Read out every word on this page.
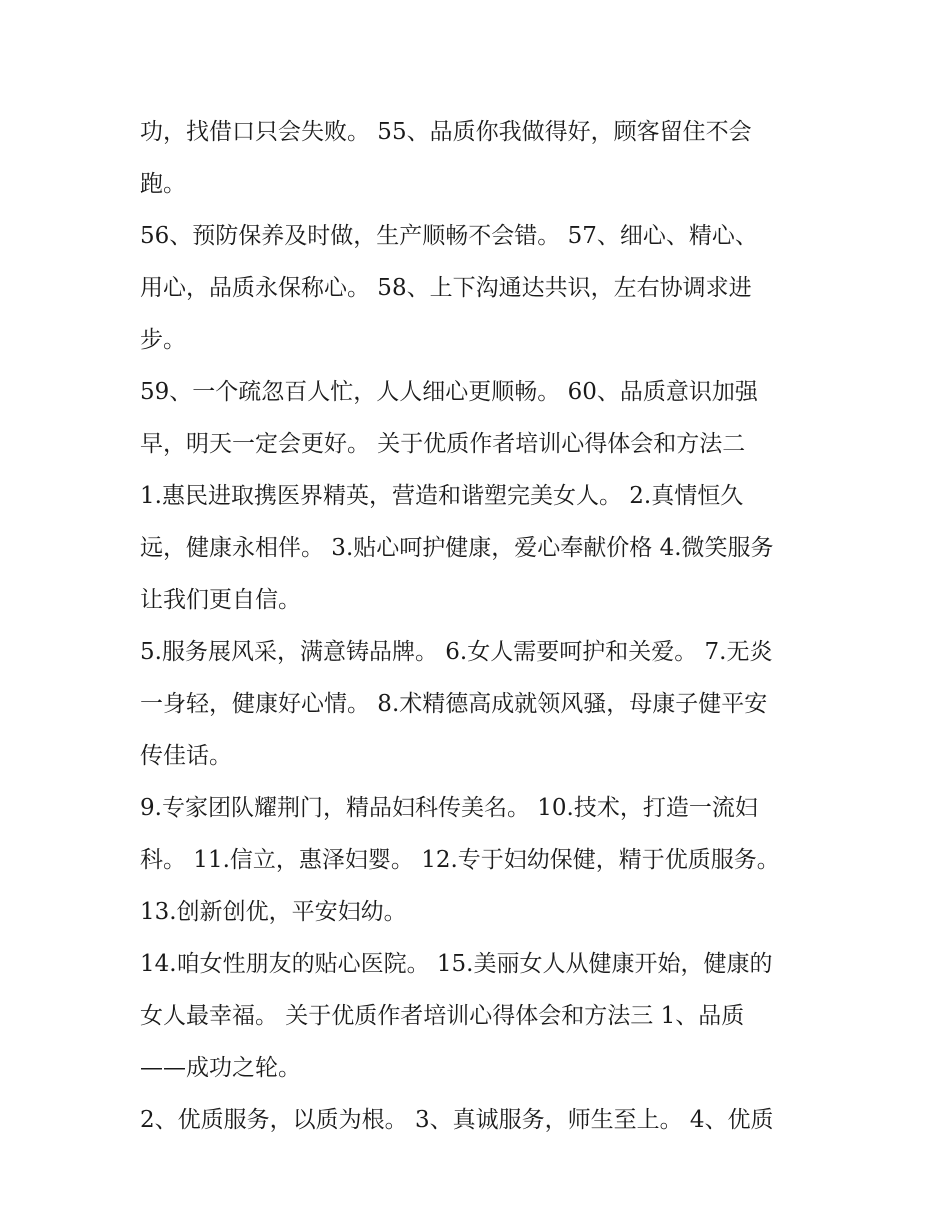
功，找借口只会失败。 55、品质你我做得好，顾客留住不会
跑。
56、预防保养及时做，生产顺畅不会错。 57、细心、精心、
用心，品质永保称心。 58、上下沟通达共识，左右协调求进
步。
59、一个疏忽百人忙，人人细心更顺畅。 60、品质意识加强
早，明天一定会更好。 关于优质作者培训心得体会和方法二
1.惠民进取携医界精英，营造和谐塑完美女人。 2.真情恒久
远，健康永相伴。 3.贴心呵护健康，爱心奉献价格 4.微笑服务
让我们更自信。
5.服务展风采，满意铸品牌。 6.女人需要呵护和关爱。 7.无炎
一身轻，健康好心情。 8.术精德高成就领风骚，母康子健平安
传佳话。
9.专家团队耀荆门，精品妇科传美名。 10.技术，打造一流妇
科。 11.信立，惠泽妇婴。 12.专于妇幼保健，精于优质服务。
13.创新创优，平安妇幼。
14.咱女性朋友的贴心医院。 15.美丽女人从健康开始，健康的
女人最幸福。 关于优质作者培训心得体会和方法三 1、品质
——成功之轮。
2、优质服务，以质为根。 3、真诚服务，师生至上。 4、优质
